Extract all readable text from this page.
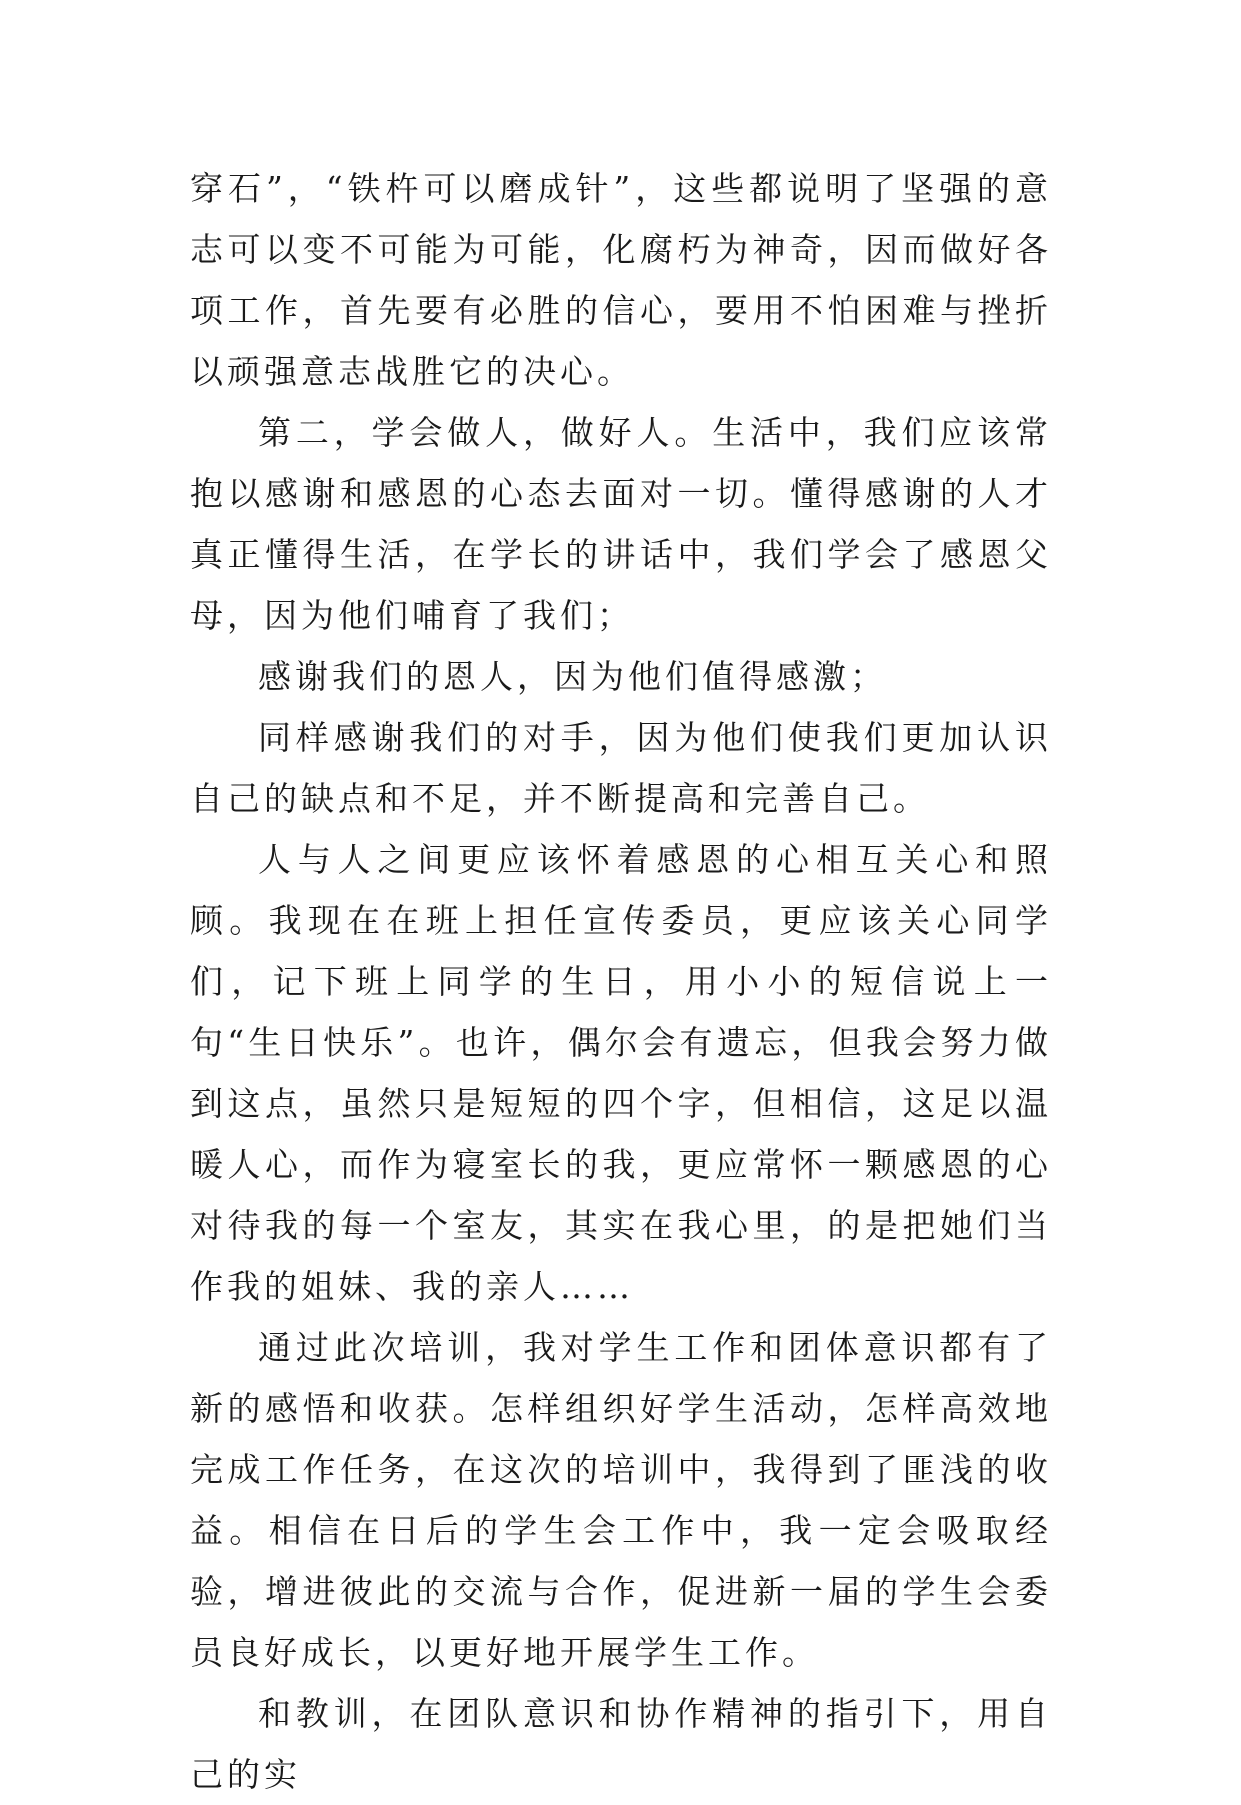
穿石”，“铁杵可以磨成针”，这些都说明了坚强的意志可以变不可能为可能，化腐朽为神奇，因而做好各项工作，首先要有必胜的信心，要用不怕困难与挫折以顽强意志战胜它的决心。

第二，学会做人，做好人。生活中，我们应该常抱以感谢和感恩的心态去面对一切。懂得感谢的人才真正懂得生活，在学长的讲话中，我们学会了感恩父母，因为他们哺育了我们；

感谢我们的恩人，因为他们值得感激；

同样感谢我们的对手，因为他们使我们更加认识自己的缺点和不足，并不断提高和完善自己。

人与人之间更应该怀着感恩的心相互关心和照顾。我现在在班上担任宣传委员，更应该关心同学们，记下班上同学的生日，用小小的短信说上一句“生日快乐”。也许，偶尔会有遗忘，但我会努力做到这点，虽然只是短短的四个字，但相信，这足以温暖人心，而作为寝室长的我，更应常怀一颗感恩的心对待我的每一个室友，其实在我心里，的是把她们当作我的姐妹、我的亲人……

通过此次培训，我对学生工作和团体意识都有了新的感悟和收获。怎样组织好学生活动，怎样高效地完成工作任务，在这次的培训中，我得到了匪浅的收益。相信在日后的学生会工作中，我一定会吸取经验，增进彼此的交流与合作，促进新一届的学生会委员良好成长，以更好地开展学生工作。

和教训，在团队意识和协作精神的指引下，用自己的实
